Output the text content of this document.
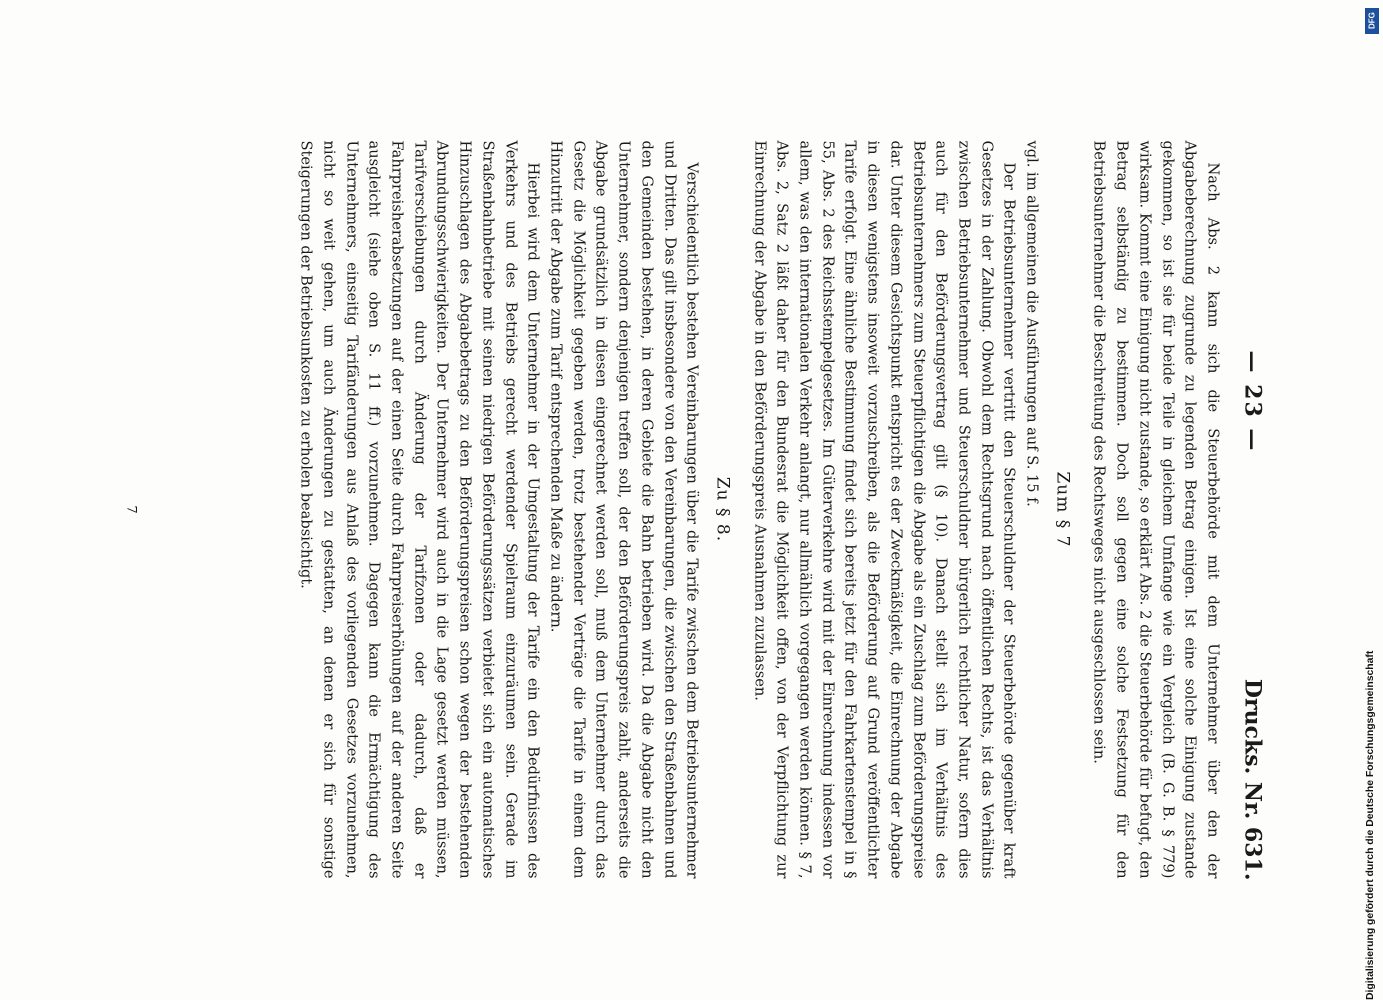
— 23 —
Drucks. Nr. 631.

Nach Abs. 2 kann sich die Steuerbehörde mit dem Unternehmer über den der Abgabeberechnung zugrunde zu legenden Betrag einigen. Ist eine solche Einigung zustande gekommen, so ist sie für beide Teile in gleichem Umfange wie ein Vergleich (B. G. B. § 779) wirksam. Kommt eine Einigung nicht zustande, so erklärt Abs. 2 die Steuerbehörde für befugt, den Betrag selbständig zu bestimmen. Doch soll gegen eine solche Festsetzung für den Betriebsunternehmer die Beschreitung des Rechtsweges nicht ausgeschlossen sein.

Zum § 7

vgl. im allgemeinen die Ausführungen auf S. 15 f.

Der Betriebsunternehmer vertritt den Steuerschuldner der Steuerbehörde gegenüber kraft Gesetzes in der Zahlung. Obwohl dem Rechtsgrund nach öffentlichen Rechts, ist das Verhältnis zwischen Betriebsunternehmer und Steuerschuldner bürgerlich rechtlicher Natur, sofern dies auch für den Beförderungsvertrag gilt (§ 10). Danach stellt sich im Verhältnis des Betriebsunternehmers zum Steuerpflichtigen die Abgabe als ein Zuschlag zum Beförderungspreise dar. Unter diesem Gesichtspunkt entspricht es der Zweckmäßigkeit, die Einrechnung der Abgabe in diesen wenigstens insoweit vorzuschreiben, als die Beförderung auf Grund veröffentlichter Tarife erfolgt. Eine ähnliche Bestimmung findet sich bereits jetzt für den Fahrkartenstempel in § 55, Abs. 2 des Reichsstempelgesetzes. Im Güterverkehre wird mit der Einrechnung indessen vor allem, was den internationalen Verkehr anlangt, nur allmählich vorgegangen werden können. § 7, Abs. 2, Satz 2 läßt daher für den Bundesrat die Möglichkeit offen, von der Verpflichtung zur Einrechnung der Abgabe in den Beförderungspreis Ausnahmen zuzulassen.

Zu § 8.

Verschiedentlich bestehen Vereinbarungen über die Tarife zwischen dem Betriebsunternehmer und Dritten. Das gilt insbesondere von den Vereinbarungen, die zwischen den Straßenbahnen und den Gemeinden bestehen, in deren Gebiete die Bahn betrieben wird. Da die Abgabe nicht den Unternehmer, sondern denjenigen treffen soll, der den Beförderungspreis zahlt, anderseits die Abgabe grundsätzlich in diesen eingerechnet werden soll, muß dem Unternehmer durch das Gesetz die Möglichkeit gegeben werden, trotz bestehender Verträge die Tarife in einem dem Hinzutritt der Abgabe zum Tarif entsprechenden Maße zu ändern.

Hierbei wird dem Unternehmer in der Umgestaltung der Tarife ein den Bedürfnissen des Verkehrs und des Betriebs gerecht werdender Spielraum einzuräumen sein. Gerade im Straßenbahnbetriebe mit seinen niedrigen Beförderungssätzen verbietet sich ein automatisches Hinzuschlagen des Abgabebetrags zu den Beförderungspreisen schon wegen der bestehenden Abrundungsschwierigkeiten. Der Unternehmer wird auch in die Lage gesetzt werden müssen, Tarifverschiebungen durch Änderung der Tarifzonen oder dadurch, daß er Fahrpreisherabsetzungen auf der einen Seite durch Fahrpreiserhöhungen auf der anderen Seite ausgleicht (siehe oben S. 11 ff.) vorzunehmen. Dagegen kann die Ermächtigung des Unternehmers, einseitig Tarifänderungen aus Anlaß des vorliegenden Gesetzes vorzunehmen, nicht so weit gehen, um auch Änderungen zu gestatten, an denen er sich für sonstige Steigerungen der Betriebsunkosten zu erholen beabsichtigt.

7
DFG
Digitalisierung gefördert durch die Deutsche Forschungsgemeinschaft
